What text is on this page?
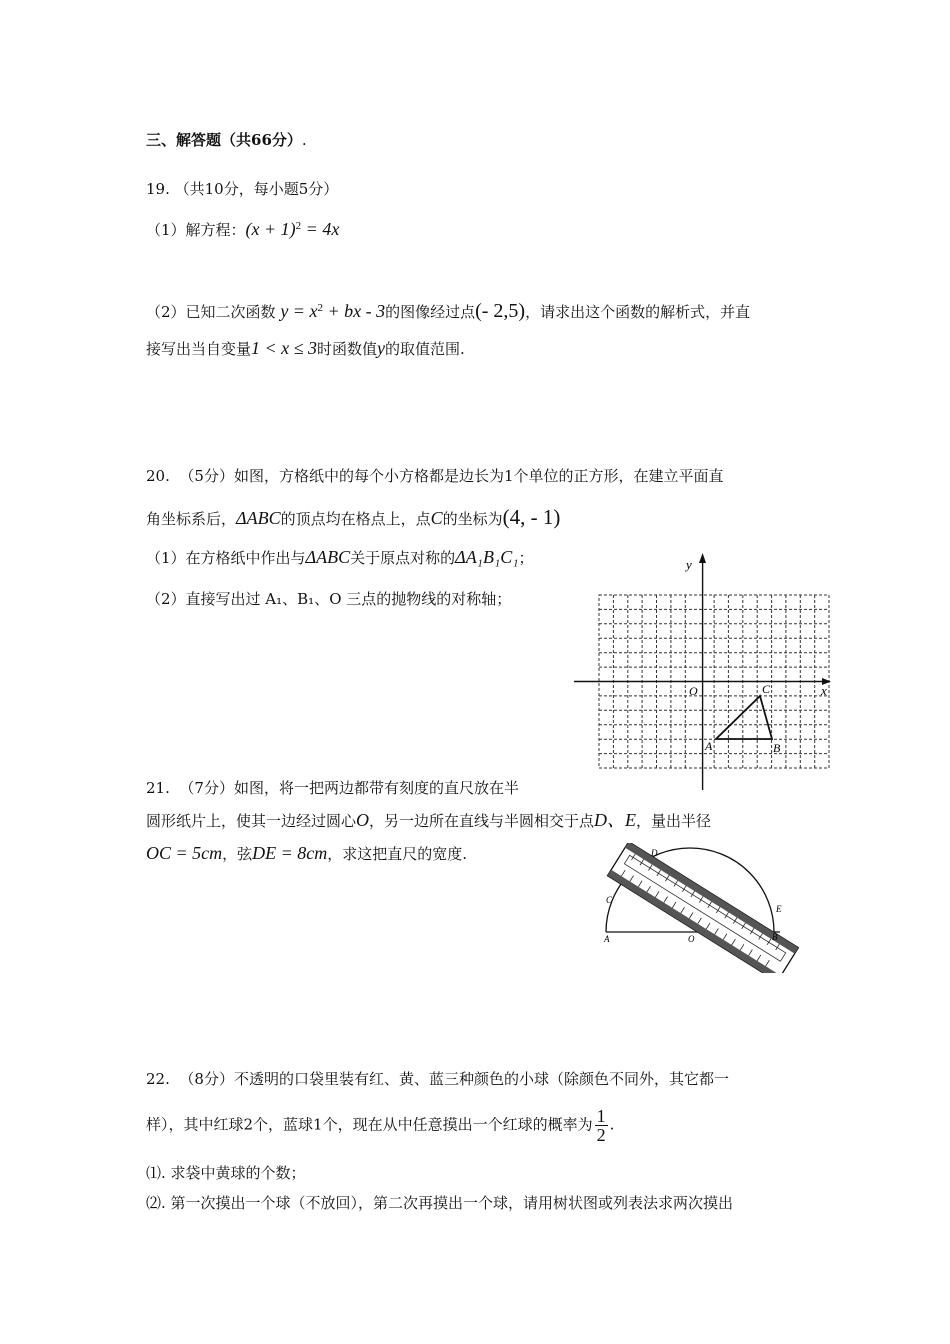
三、解答题（共66分）.
19. （共10分，每小题5分）
（1）解方程：$(x + 1)^2 = 4x$
（2）已知二次函数 $y = x^2$ + bx - 3的图像经过点(- 2,5)，请求出这个函数的解析式，并直
接写出当自变量1 < x ≤ 3时函数值y的取值范围.
20. （5分）如图，方格纸中的每个小方格都是边长为1个单位的正方形，在建立平面直
角坐标系后，ΔABC的顶点均在格点上，点C的坐标为(4, - 1)
（1）在方格纸中作出与ΔABC关于原点对称的ΔA₁B₁C₁；
（2）直接写出过 A₁、B₁、O 三点的抛物线的对称轴；
y
x
O
A	B
C
21. （7分）如图，将一把两边都带有刻度的直尺放在半
圆形纸片上，使其一边经过圆心O，另一边所在直线与半圆相交于点D、E，量出半径
OC = 5cm，弦DE = 8cm，求这把直尺的宽度.	D
E
C
A	O	B
22. （8分）不透明的口袋里装有红、黄、蓝三种颜色的小球（除颜色不同外，其它都一
样），其中红球2个，蓝球1个，现在从中任意摸出一个红球的概率为 $\frac{1}{2}$ .
⑴. 求袋中黄球的个数；
⑵. 第一次摸出一个球（不放回），第二次再摸出一个球，请用树状图或列表法求两次摸出
